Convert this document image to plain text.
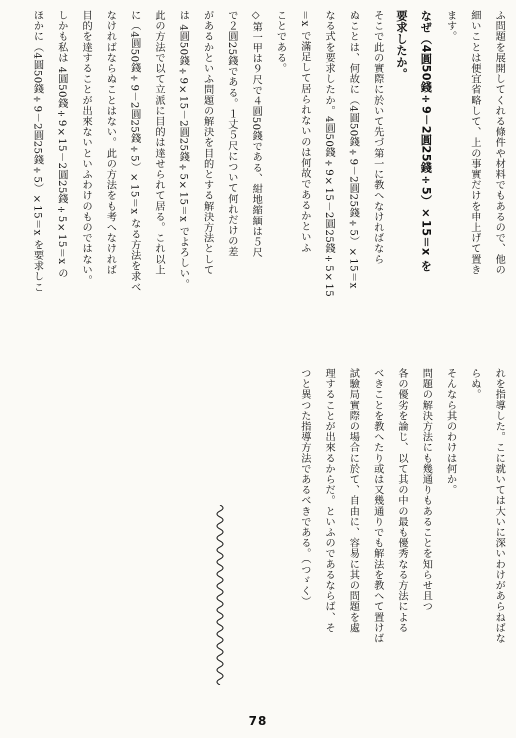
ふ問題を展開してくれる條件や材料でもあるので、他の
細いことは便宜省略して、上の事實だけを申上げて置き
ます。
なぜ（4圓50錢÷9－2圓25錢÷5）×15＝x を
要求したか。
そこで此の實際に於いて先づ第一に教へなければなら
ぬことは、何故に（4圓50錢÷9－2圓25錢÷5）×15＝x
なる式を要求したか。4圓50錢÷9×15－2圓25錢÷5×15
＝x で滿足して居られないのは何故であるかといふ
ことである。
◇第一甲は９尺で４圓50錢である、紺地縮緬は５尺
で２圓25錢である。１丈５尺について何れだけの差
があるかといふ問題の解決を目的とする解決方法として
は 4圓50錢÷9×15－2圓25錢÷5×15＝x でよろしい。
此の方法で以て立派に目的は達せられて居る。これ以上
に（4圓50錢÷9－2圓25錢÷5）×15＝x なる方法を求べ
なければならぬことはない。此の方法をも考へなければ
目的を達することが出來ないといふわけのものではない。
しかも私は 4圓50錢÷9×15－2圓25錢÷5×15＝x の
ほかに（4圓50錢÷9－2圓25錢÷5）×15＝x を要求しこ
れを指導した。こに就いては大いに深いわけがあらねばな
らぬ。
そんなら其のわけは何か。
問題の解決方法にも幾通りもあることを知らせ且つ
各の優劣を論じ、以て其の中の最も優秀なる方法による
べきことを教へたり或は又幾通りでも解法を教へて置けば
試驗局實際の場合に於て、自由に、容易に其の問題を處
理することが出來るからだ。といふのであるならば、そ
つと異つた指導方法であるべきである。（つゞく）
78
